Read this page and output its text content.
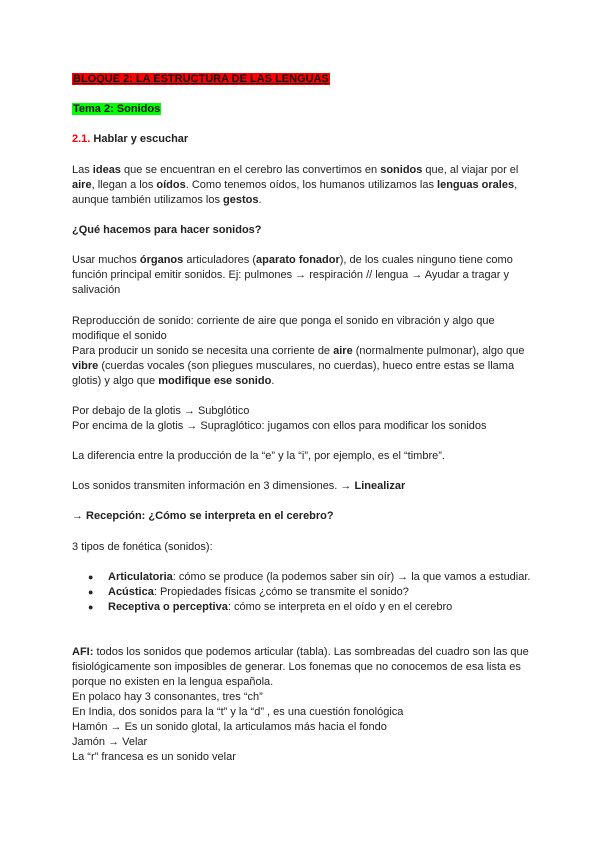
BLOQUE 2: LA ESTRUCTURA DE LAS LENGUAS

Tema 2: Sonidos

2.1. Hablar y escuchar

Las ideas que se encuentran en el cerebro las convertimos en sonidos que, al viajar por el aire, llegan a los oídos. Como tenemos oídos, los humanos utilizamos las lenguas orales, aunque también utilizamos los gestos.

¿Qué hacemos para hacer sonidos?

Usar muchos órganos articuladores (aparato fonador), de los cuales ninguno tiene como función principal emitir sonidos. Ej: pulmones → respiración // lengua → Ayudar a tragar y salivación

Reproducción de sonido: corriente de aire que ponga el sonido en vibración y algo que modifique el sonido

Para producir un sonido se necesita una corriente de aire (normalmente pulmonar), algo que vibre (cuerdas vocales (son pliegues musculares, no cuerdas), hueco entre estas se llama glotis) y algo que modifique ese sonido.

Por debajo de la glotis → Subglótico

Por encima de la glotis → Supraglótico: jugamos con ellos para modificar los sonidos

La diferencia entre la producción de la “e” y la “i”, por ejemplo, es el “timbre”.

Los sonidos transmiten información en 3 dimensiones. → Linealizar

→ Recepción: ¿Cómo se interpreta en el cerebro?

3 tipos de fonética (sonidos):

● Articulatoria: cómo se produce (la podemos saber sin oír) → la que vamos a estudiar.
● Acústica: Propiedades físicas ¿cómo se transmite el sonido?
● Receptiva o perceptiva: cómo se interpreta en el oído y en el cerebro

AFI: todos los sonidos que podemos articular (tabla). Las sombreadas del cuadro son las que fisiológicamente son imposibles de generar. Los fonemas que no conocemos de esa lista es porque no existen en la lengua española.

En polaco hay 3 consonantes, tres “ch”

En India, dos sonidos para la “t” y la “d” , es una cuestión fonológica

Hamón → Es un sonido glotal, la articulamos más hacia el fondo

Jamón → Velar

La “r” francesa es un sonido velar
